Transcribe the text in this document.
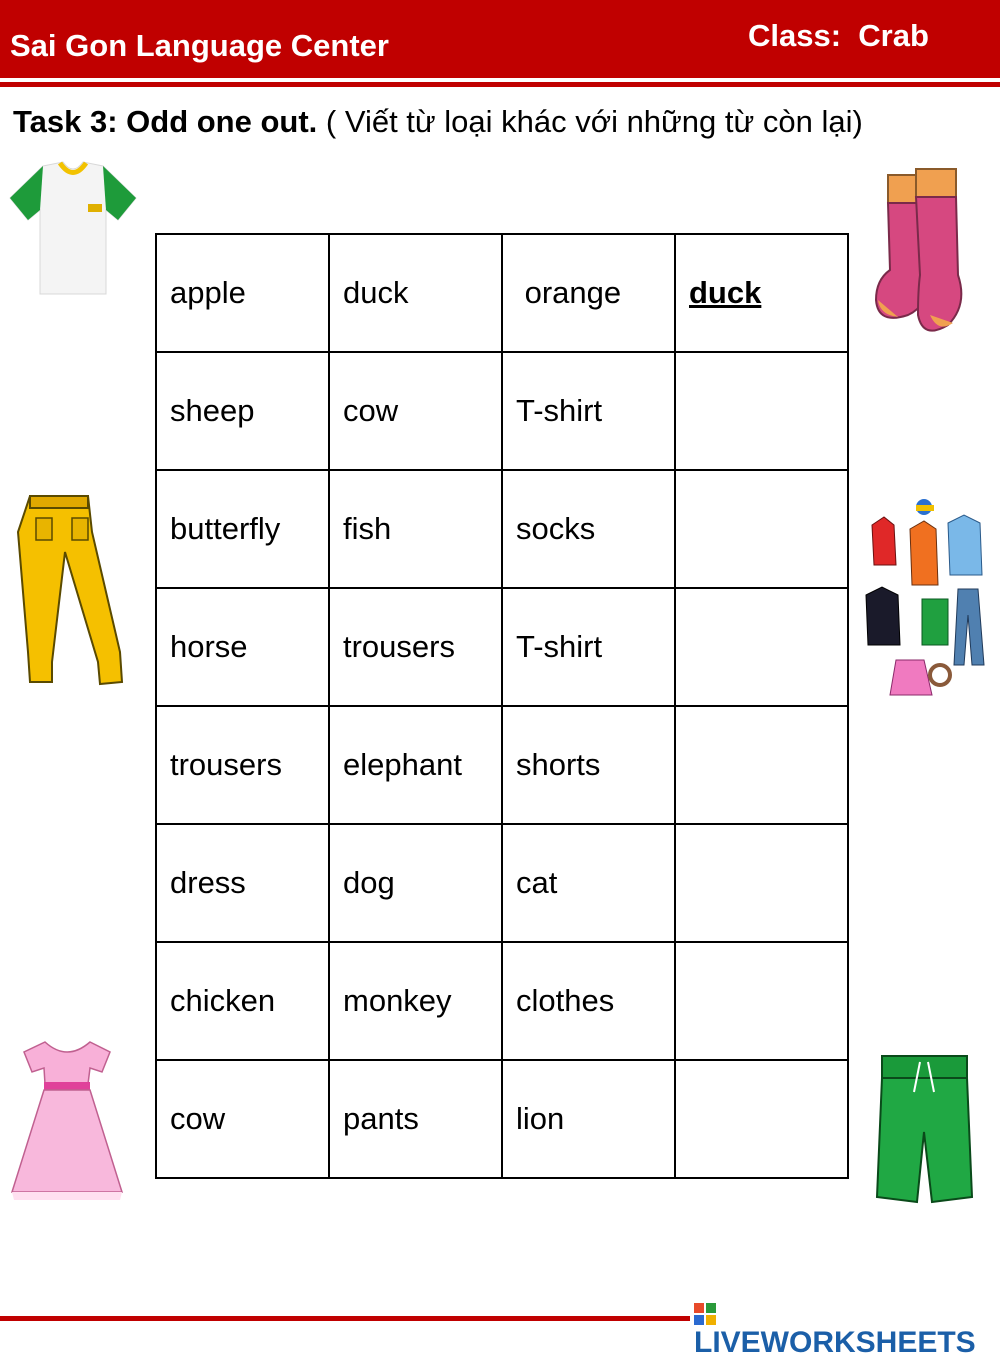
Sai Gon Language Center	Class:  Crab
Task 3: Odd one out. ( Viết từ loại khác với những từ còn lại)
apple	duck	orange	duck
sheep	cow	T-shirt	
butterfly	fish	socks	
horse	trousers	T-shirt	
trousers	elephant	shorts	
dress	dog	cat	
chicken	monkey	clothes	
cow	pants	lion	
LIVEWORKSHEETS
